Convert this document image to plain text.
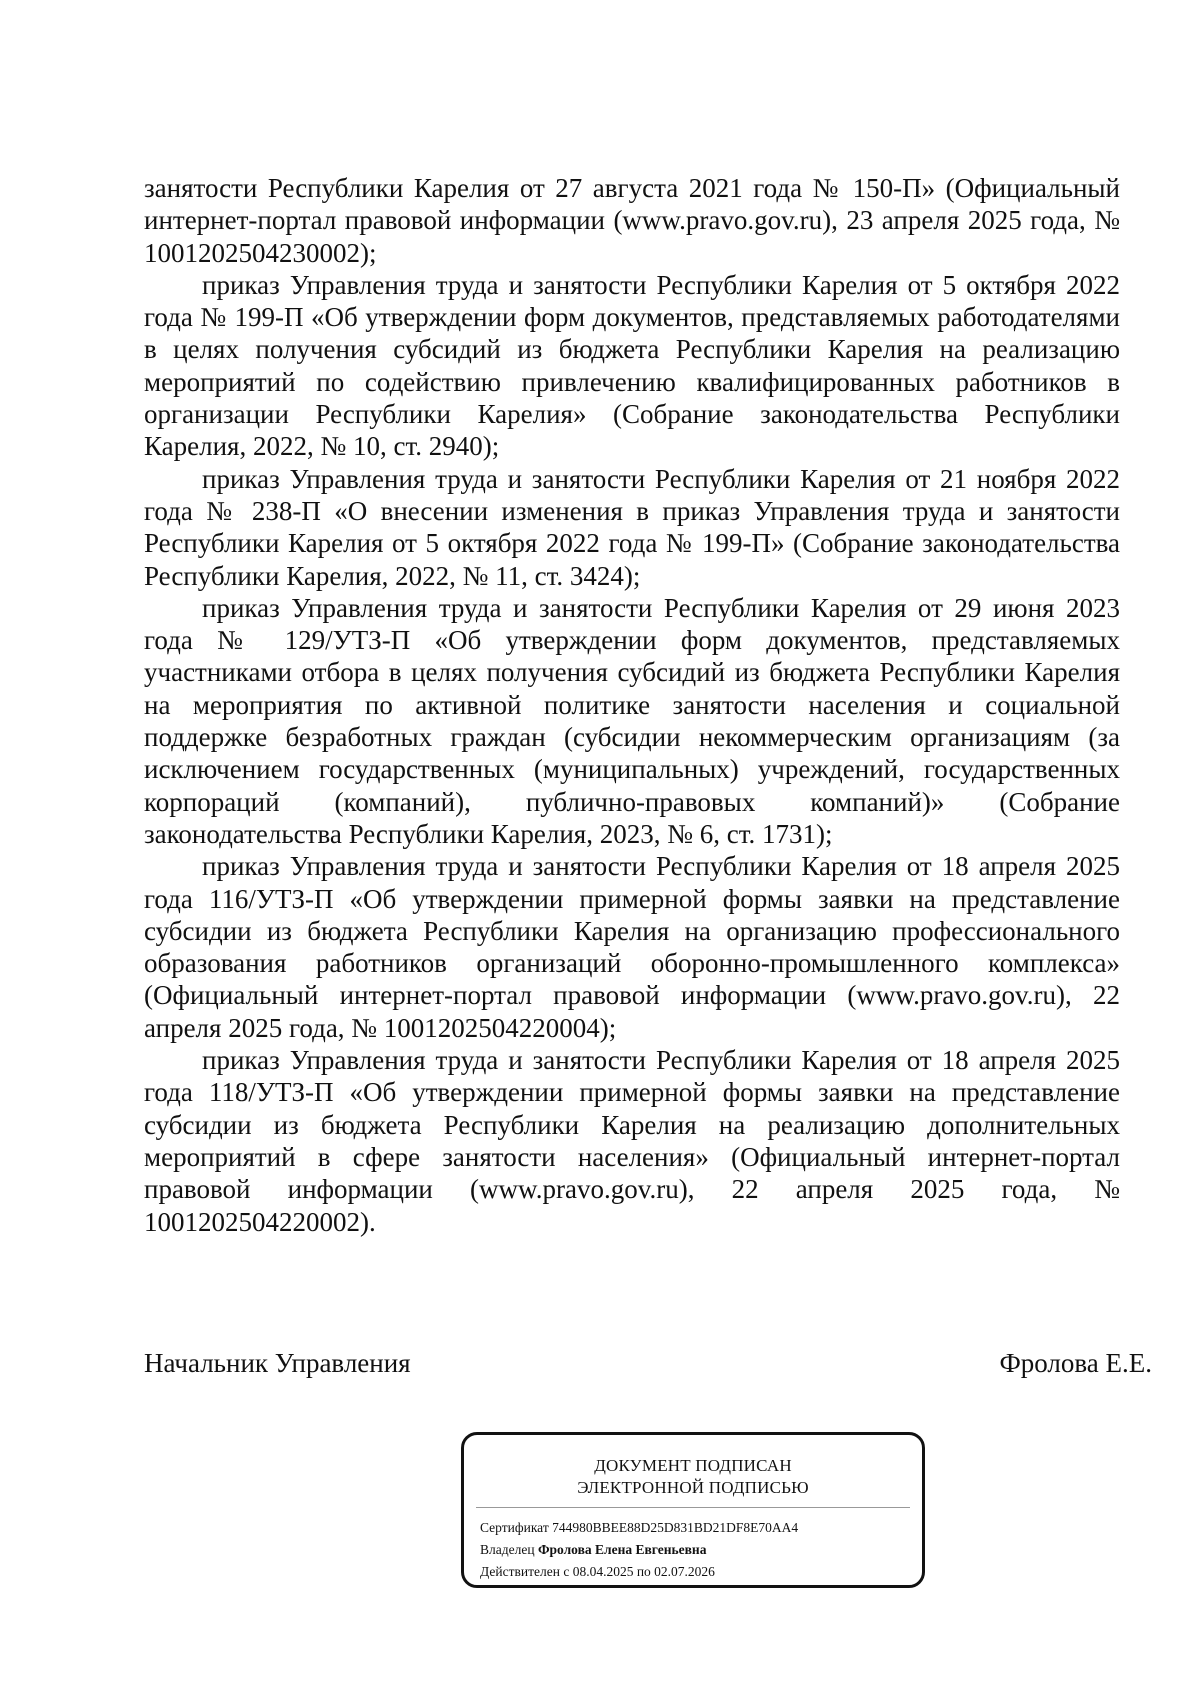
занятости Республики Карелия от 27 августа 2021 года № 150-П» (Официальный интернет-портал правовой информации (www.pravo.gov.ru), 23 апреля 2025 года, № 1001202504230002);

приказ Управления труда и занятости Республики Карелия от 5 октября 2022 года № 199-П «Об утверждении форм документов, представляемых работодателями в целях получения субсидий из бюджета Республики Карелия на реализацию мероприятий по содействию привлечению квалифицированных работников в организации Республики Карелия» (Собрание законодательства Республики Карелия, 2022, № 10, ст. 2940);

приказ Управления труда и занятости Республики Карелия от 21 ноября 2022 года № 238-П «О внесении изменения в приказ Управления труда и занятости Республики Карелия от 5 октября 2022 года № 199-П» (Собрание законодательства Республики Карелия, 2022, № 11, ст. 3424);

приказ Управления труда и занятости Республики Карелия от 29 июня 2023 года № 129/УТЗ-П «Об утверждении форм документов, представляемых участниками отбора в целях получения субсидий из бюджета Республики Карелия на мероприятия по активной политике занятости населения и социальной поддержке безработных граждан (субсидии некоммерческим организациям (за исключением государственных (муниципальных) учреждений, государственных корпораций (компаний), публично-правовых компаний)» (Собрание законодательства Республики Карелия, 2023, № 6, ст. 1731);

приказ Управления труда и занятости Республики Карелия от 18 апреля 2025 года 116/УТЗ-П «Об утверждении примерной формы заявки на представление субсидии из бюджета Республики Карелия на организацию профессионального образования работников организаций оборонно-промышленного комплекса» (Официальный интернет-портал правовой информации (www.pravo.gov.ru), 22 апреля 2025 года, № 1001202504220004);

приказ Управления труда и занятости Республики Карелия от 18 апреля 2025 года 118/УТЗ-П «Об утверждении примерной формы заявки на представление субсидии из бюджета Республики Карелия на реализацию дополнительных мероприятий в сфере занятости населения» (Официальный интернет-портал правовой информации (www.pravo.gov.ru), 22 апреля 2025 года, № 1001202504220002).

Начальник Управления	Фролова Е.Е.
ДОКУМЕНТ ПОДПИСАН
ЭЛЕКТРОННОЙ ПОДПИСЬЮ
Сертификат 744980BBEE88D25D831BD21DF8E70AA4
Владелец Фролова Елена Евгеньевна
Действителен с 08.04.2025 по 02.07.2026
